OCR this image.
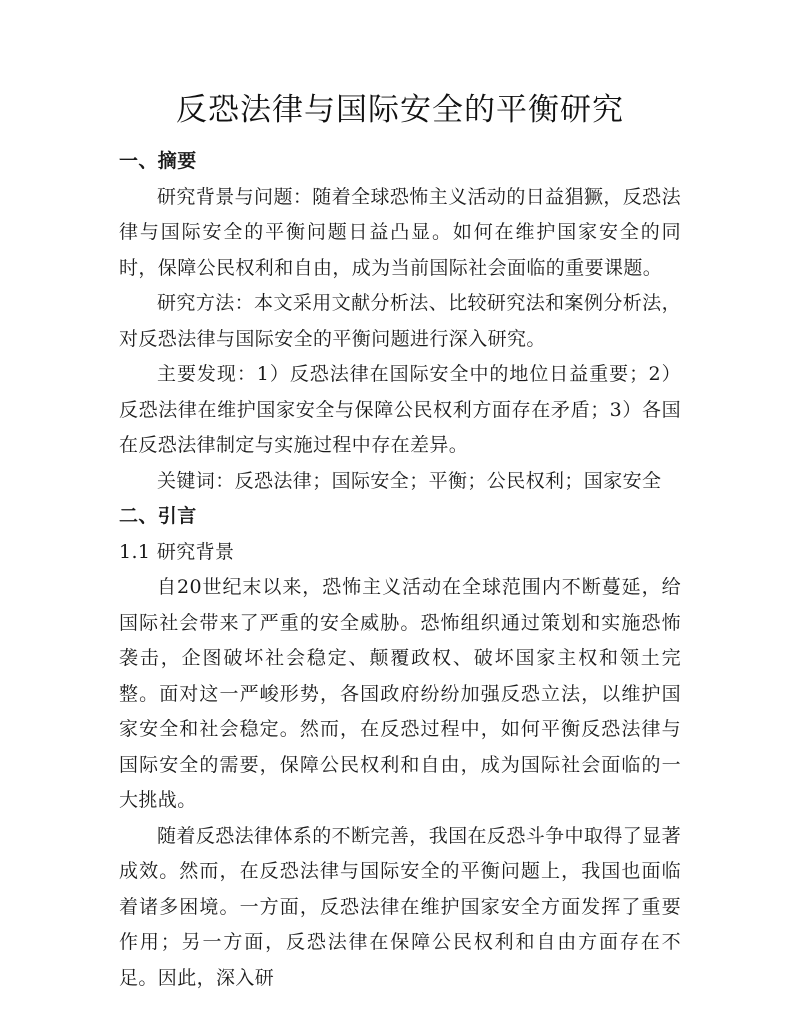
反恐法律与国际安全的平衡研究
一、摘要

研究背景与问题：随着全球恐怖主义活动的日益猖獗，反恐法律与国际安全的平衡问题日益凸显。如何在维护国家安全的同时，保障公民权利和自由，成为当前国际社会面临的重要课题。

研究方法：本文采用文献分析法、比较研究法和案例分析法，对反恐法律与国际安全的平衡问题进行深入研究。

主要发现：1）反恐法律在国际安全中的地位日益重要；2）反恐法律在维护国家安全与保障公民权利方面存在矛盾；3）各国在反恐法律制定与实施过程中存在差异。

关键词：反恐法律；国际安全；平衡；公民权利；国家安全

二、引言

1.1 研究背景

自20世纪末以来，恐怖主义活动在全球范围内不断蔓延，给国际社会带来了严重的安全威胁。恐怖组织通过策划和实施恐怖袭击，企图破坏社会稳定、颠覆政权、破坏国家主权和领土完整。面对这一严峻形势，各国政府纷纷加强反恐立法，以维护国家安全和社会稳定。然而，在反恐过程中，如何平衡反恐法律与国际安全的需要，保障公民权利和自由，成为国际社会面临的一大挑战。

随着反恐法律体系的不断完善，我国在反恐斗争中取得了显著成效。然而，在反恐法律与国际安全的平衡问题上，我国也面临着诸多困境。一方面，反恐法律在维护国家安全方面发挥了重要作用；另一方面，反恐法律在保障公民权利和自由方面存在不足。因此，深入研
